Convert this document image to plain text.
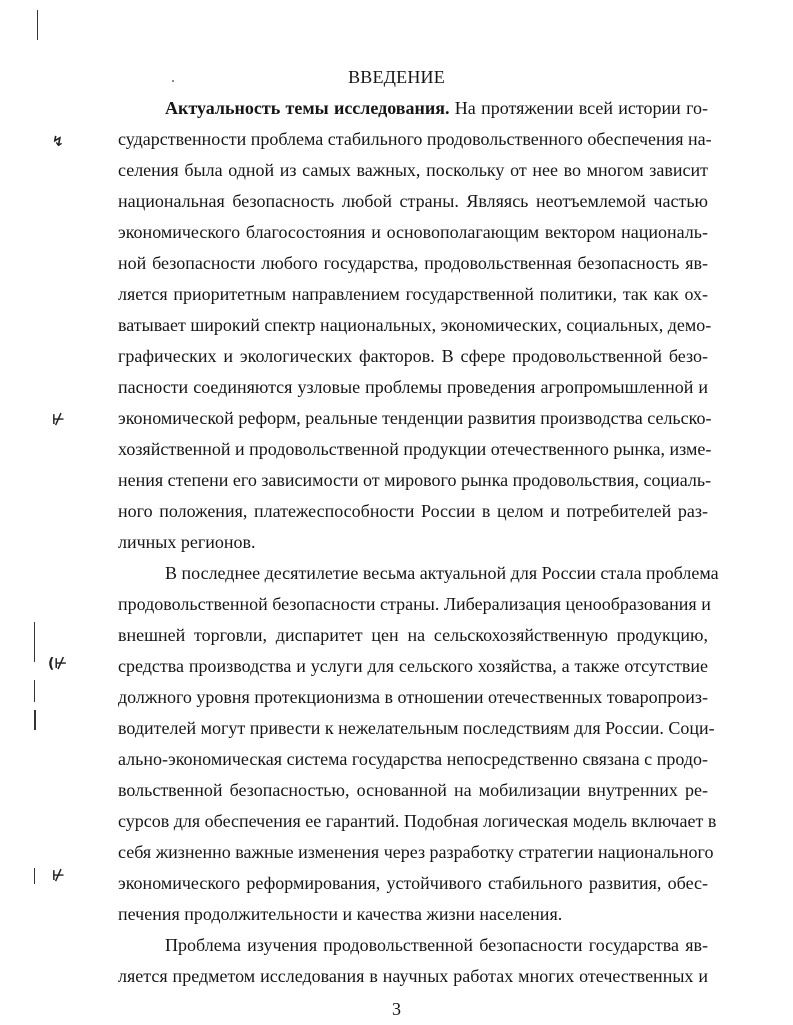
↯
⊬
(⊬
⊬
ВВЕДЕНИЕ
Актуальность темы исследования. На протяжении всей истории го-
сударственности проблема стабильного продовольственного обеспечения на-
селения была одной из самых важных, поскольку от нее во многом зависит
национальная безопасность любой страны. Являясь неотъемлемой частью
экономического благосостояния и основополагающим вектором националь-
ной безопасности любого государства, продовольственная безопасность яв-
ляется приоритетным направлением государственной политики, так как ох-
ватывает широкий спектр национальных, экономических, социальных, демо-
графических и экологических факторов. В сфере продовольственной безо-
пасности соединяются узловые проблемы проведения агропромышленной и
экономической реформ, реальные тенденции развития производства сельско-
хозяйственной и продовольственной продукции отечественного рынка, изме-
нения степени его зависимости от мирового рынка продовольствия, социаль-
ного положения, платежеспособности России в целом и потребителей раз-
личных регионов.
В последнее десятилетие весьма актуальной для России стала проблема
продовольственной безопасности страны. Либерализация ценообразования и
внешней торговли, диспаритет цен на сельскохозяйственную продукцию,
средства производства и услуги для сельского хозяйства, а также отсутствие
должного уровня протекционизма в отношении отечественных товаропроиз-
водителей могут привести к нежелательным последствиям для России. Соци-
ально-экономическая система государства непосредственно связана с продо-
вольственной безопасностью, основанной на мобилизации внутренних ре-
сурсов для обеспечения ее гарантий. Подобная логическая модель включает в
себя жизненно важные изменения через разработку стратегии национального
экономического реформирования, устойчивого стабильного развития, обес-
печения продолжительности и качества жизни населения.
Проблема изучения продовольственной безопасности государства яв-
ляется предметом исследования в научных работах многих отечественных и
3
